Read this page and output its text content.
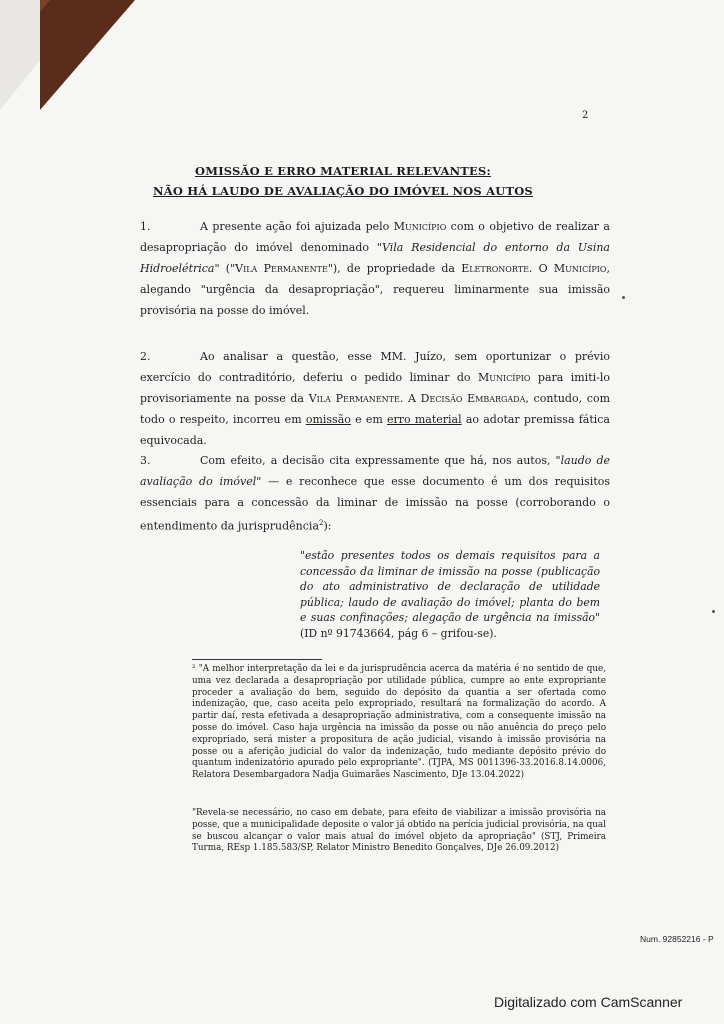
2
OMISSÃO E ERRO MATERIAL RELEVANTES:
NÃO HÁ LAUDO DE AVALIAÇÃO DO IMÓVEL NOS AUTOS
1.	A presente ação foi ajuizada pelo Município com o objetivo de realizar a desapropriação do imóvel denominado "Vila Residencial do entorno da Usina Hidroelétrica" ("Vila Permanente"), de propriedade da Eletronorte. O Município, alegando "urgência da desapropriação", requereu liminarmente sua imissão provisória na posse do imóvel.
2.	Ao analisar a questão, esse MM. Juízo, sem oportunizar o prévio exercício do contraditório, deferiu o pedido liminar do Município para imiti-lo provisoriamente na posse da Vila Permanente. A Decisão Embargada, contudo, com todo o respeito, incorreu em omissão e em erro material ao adotar premissa fática equivocada.
3.	Com efeito, a decisão cita expressamente que há, nos autos, "laudo de avaliação do imóvel" — e reconhece que esse documento é um dos requisitos essenciais para a concessão da liminar de imissão na posse (corroborando o entendimento da jurisprudência$^2$):
"estão presentes todos os demais requisitos para a concessão da liminar de imissão na posse (publicação do ato administrativo de declaração de utilidade pública; laudo de avaliação do imóvel; planta do bem e suas confinações; alegação de urgência na imissão" (ID nº 91743664, pág 6 – grifou-se).
² "A melhor interpretação da lei e da jurisprudência acerca da matéria é no sentido de que, uma vez declarada a desapropriação por utilidade pública, cumpre ao ente expropriante proceder a avaliação do bem, seguido do depósito da quantia a ser ofertada como indenização, que, caso aceita pelo expropriado, resultará na formalização do acordo. A partir daí, resta efetivada a desapropriação administrativa, com a consequente imissão na posse do imóvel. Caso haja urgência na imissão da posse ou não anuência do preço pelo expropriado, será mister a propositura de ação judicial, visando à imissão provisória na posse ou a aferição judicial do valor da indenização, tudo mediante depósito prévio do quantum indenizatório apurado pelo expropriante". (TJPA, MS 0011396-33.2016.8.14.0006, Relatora Desembargadora Nadja Guimarães Nascimento, DJe 13.04.2022)
"Revela-se necessário, no caso em debate, para efeito de viabilizar a imissão provisória na posse, que a municipalidade deposite o valor já obtido na perícia judicial provisória, na qual se buscou alcançar o valor mais atual do imóvel objeto da apropriação" (STJ, Primeira Turma, REsp 1.185.583/SP, Relator Ministro Benedito Gonçalves, DJe 26.09.2012)
Num. 92852216 - P
Digitalizado com CamScanner
